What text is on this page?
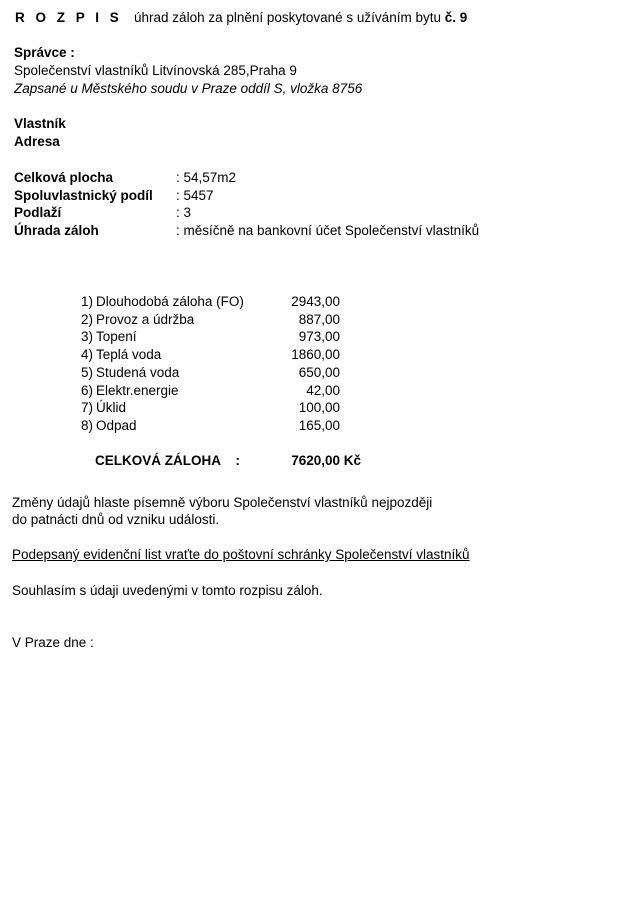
R O Z P I S úhrad záloh za plnění poskytované s užíváním bytu č. 9
Správce :
Společenství vlastníků Litvínovská 285,Praha 9
Zapsané u Městského soudu v Praze oddíl S, vložka 8756
Vlastník
Adresa
Celková plocha	: 54,57m2
Spoluvlastnický podíl : 5457
Podlaží	: 3
Úhrada záloh	: měsíčně na bankovní účet Společenství vlastníků
1) Dlouhodobá záloha (FO)	2943,00
2) Provoz a údržba	887,00
3) Topení	973,00
4) Teplá voda	1860,00
5) Studená voda	650,00
6) Elektr.energie	42,00
7) Úklid	100,00
8) Odpad	165,00
CELKOVÁ ZÁLOHA    :	7620,00 Kč
Změny údajů hlaste písemně výboru Společenství vlastníků nejpozději
do patnácti dnů od vzniku události.
Podepsaný evidenční list vraťte do poštovní schránky Společenství vlastníků
Souhlasím s údaji uvedenými v tomto rozpisu záloh.
V Praze dne :
